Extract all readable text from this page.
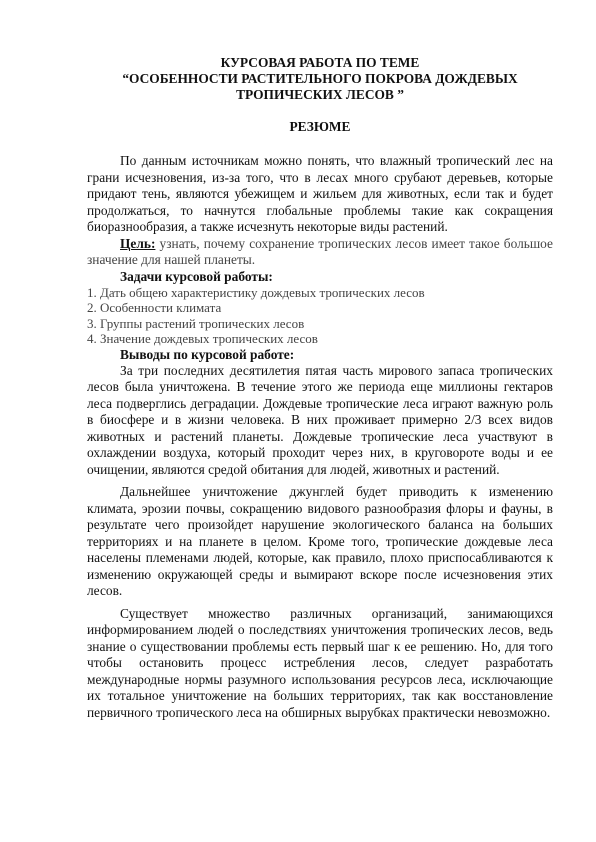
КУРСОВАЯ РАБОТА ПО ТЕМЕ

“ОСОБЕННОСТИ РАСТИТЕЛЬНОГО ПОКРОВА ДОЖДЕВЫХ

ТРОПИЧЕСКИХ ЛЕСОВ ”

РЕЗЮМЕ

По данным источникам можно понять, что влажный тропический лес на грани исчезновения, из-за того, что в лесах много срубают деревьев, которые придают тень, являются убежищем и жильем для животных, если так и будет продолжаться, то начнутся глобальные проблемы такие как сокращения биоразнообразия, а также исчезнуть некоторые виды растений.

Цель: узнать, почему сохранение тропических лесов имеет такое большое значение для нашей планеты.

Задачи курсовой работы:

1. Дать общею характеристику дождевых тропических лесов

2. Особенности климата

3. Группы растений тропических лесов

4. Значение дождевых тропических лесов

Выводы по курсовой работе:

За три последних десятилетия пятая часть мирового запаса тропических лесов была уничтожена. В течение этого же периода еще миллионы гектаров леса подверглись деградации. Дождевые тропические леса играют важную роль в биосфере и в жизни человека. В них проживает примерно 2/3 всех видов животных и растений планеты. Дождевые тропические леса участвуют в охлаждении воздуха, который проходит через них, в круговороте воды и ее очищении, являются средой обитания для людей, животных и растений.

Дальнейшее уничтожение джунглей будет приводить к изменению климата, эрозии почвы, сокращению видового разнообразия флоры и фауны, в результате чего произойдет нарушение экологического баланса на больших территориях и на планете в целом. Кроме того, тропические дождевые леса населены племенами людей, которые, как правило, плохо приспосабливаются к изменению окружающей среды и вымирают вскоре после исчезновения этих лесов.

Существует множество различных организаций, занимающихся информированием людей о последствиях уничтожения тропических лесов, ведь знание о существовании проблемы есть первый шаг к ее решению. Но, для того чтобы остановить процесс истребления лесов, следует разработать международные нормы разумного использования ресурсов леса, исключающие их тотальное уничтожение на больших территориях, так как восстановление первичного тропического леса на обширных вырубках практически невозможно.
